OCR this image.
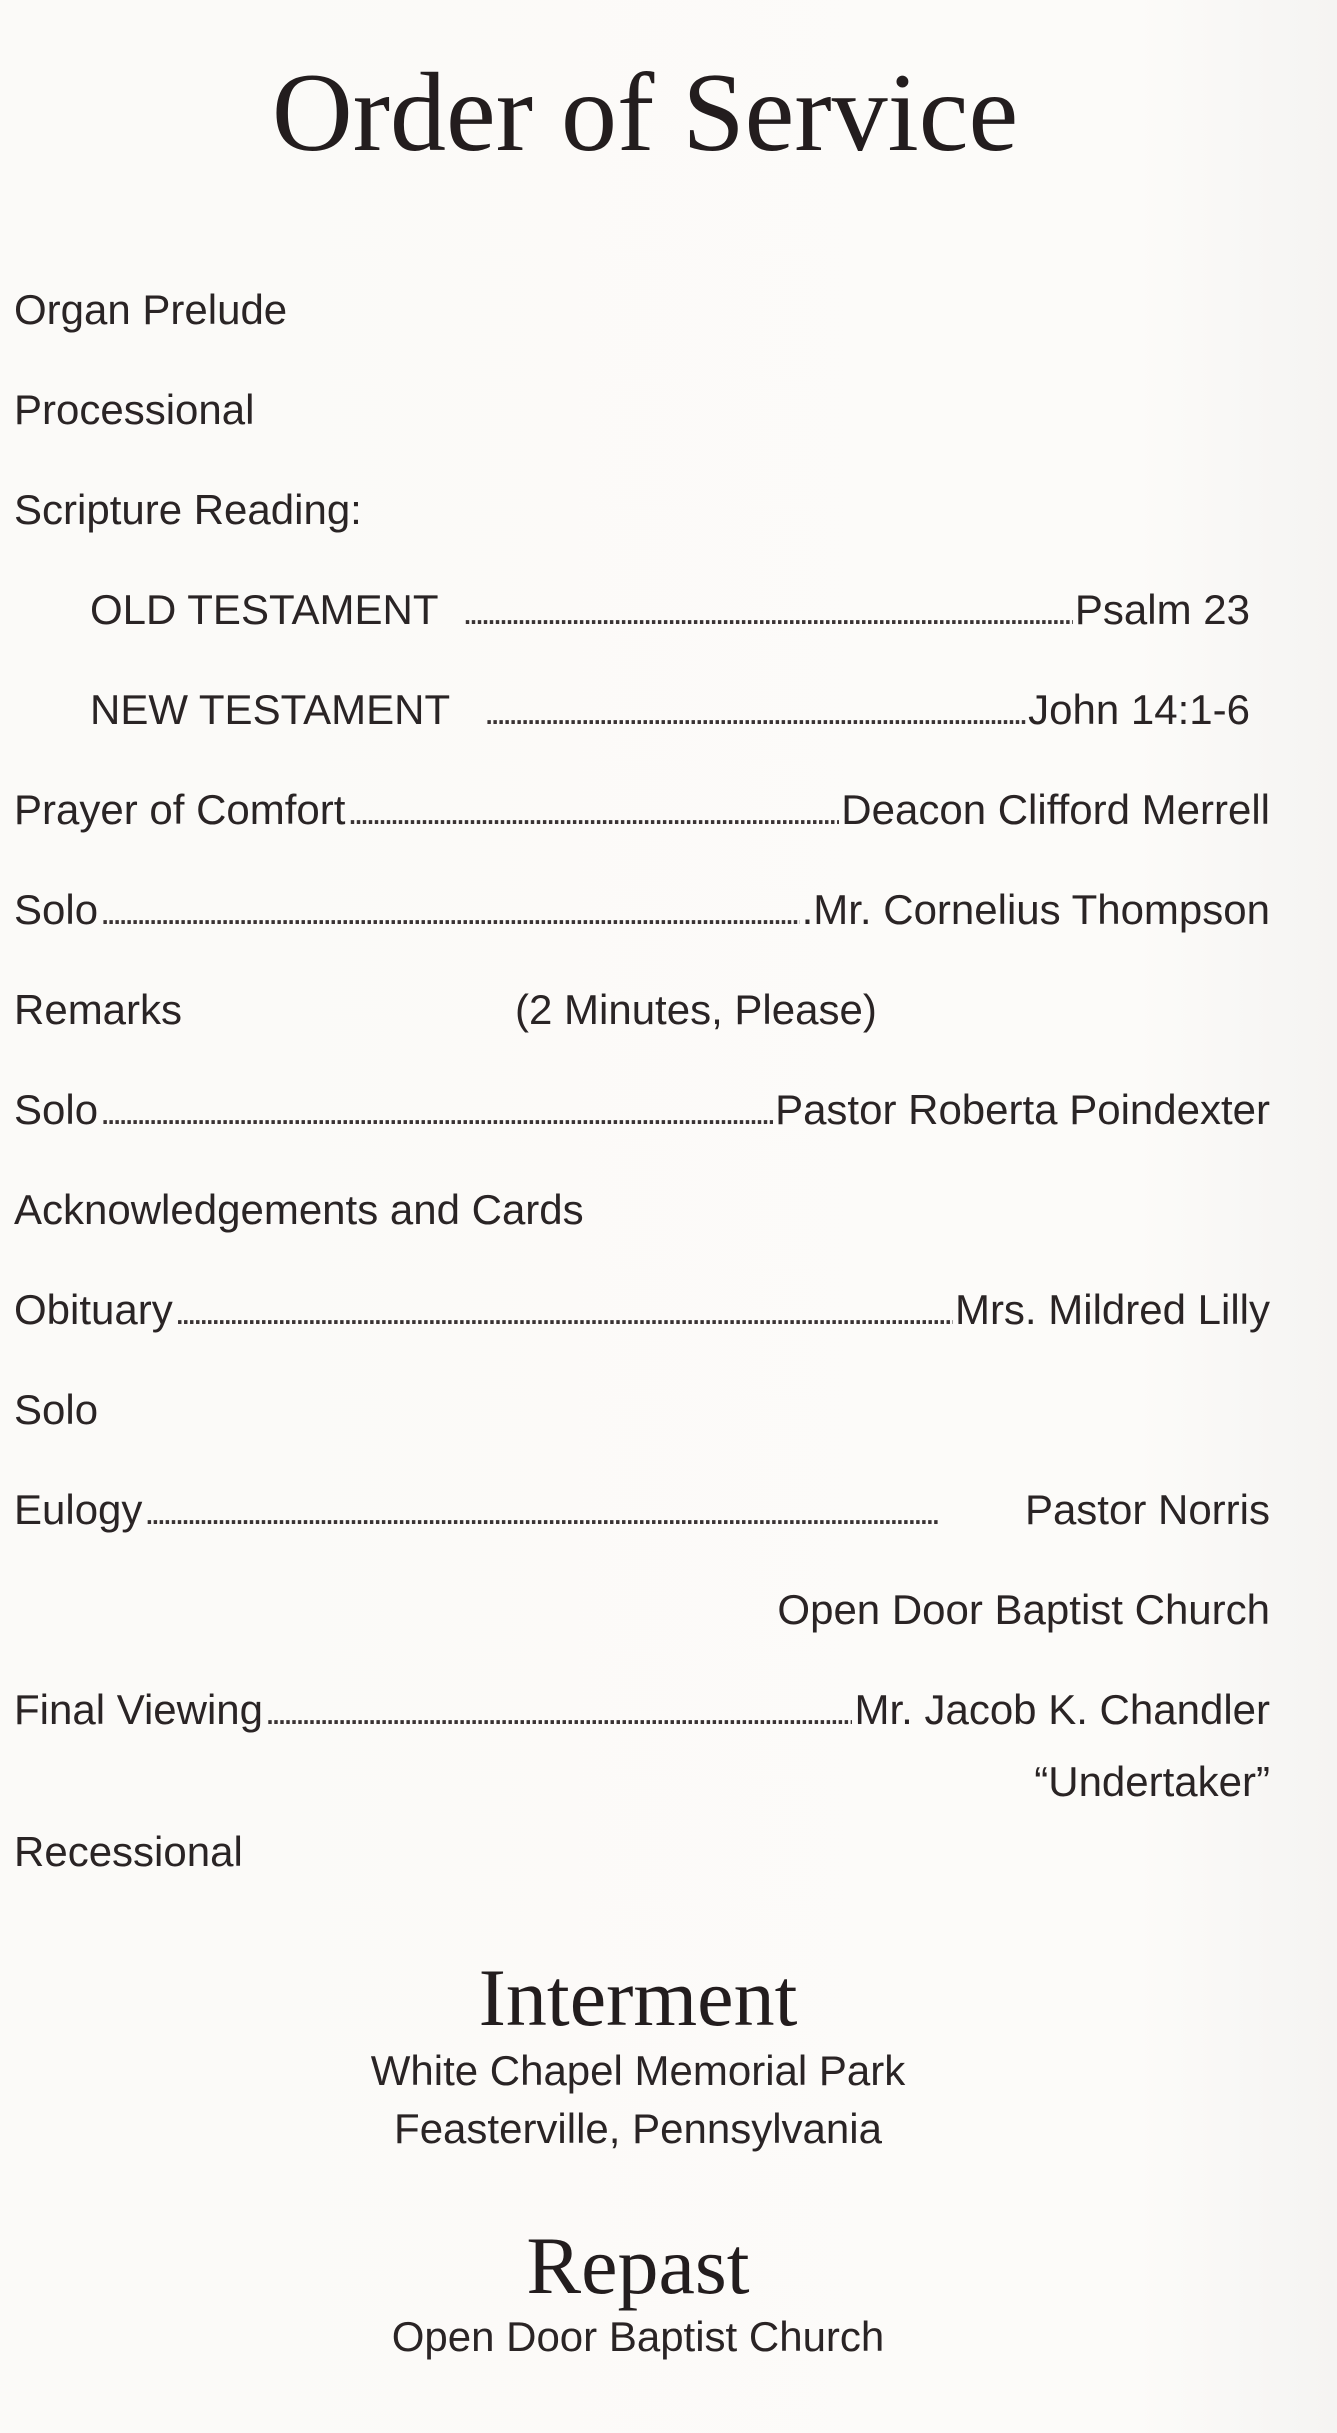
Order of Service
Organ Prelude
Processional
Scripture Reading:
OLD TESTAMENT . . .	Psalm 23
NEW TESTAMENT . . .	John 14:1-6
Prayer of Comfort . . .	Deacon Clifford Merrell
Solo . . .	.Mr. Cornelius Thompson
Remarks	(2 Minutes, Please)
Solo . . .	Pastor Roberta Poindexter
Acknowledgements and Cards
Obituary . . .	Mrs. Mildred Lilly
Solo
Eulogy . . .	Pastor Norris
Open Door Baptist Church
Final Viewing . . .	Mr. Jacob K. Chandler
“Undertaker”
Recessional
Interment
White Chapel Memorial Park
Feasterville, Pennsylvania
Repast
Open Door Baptist Church
